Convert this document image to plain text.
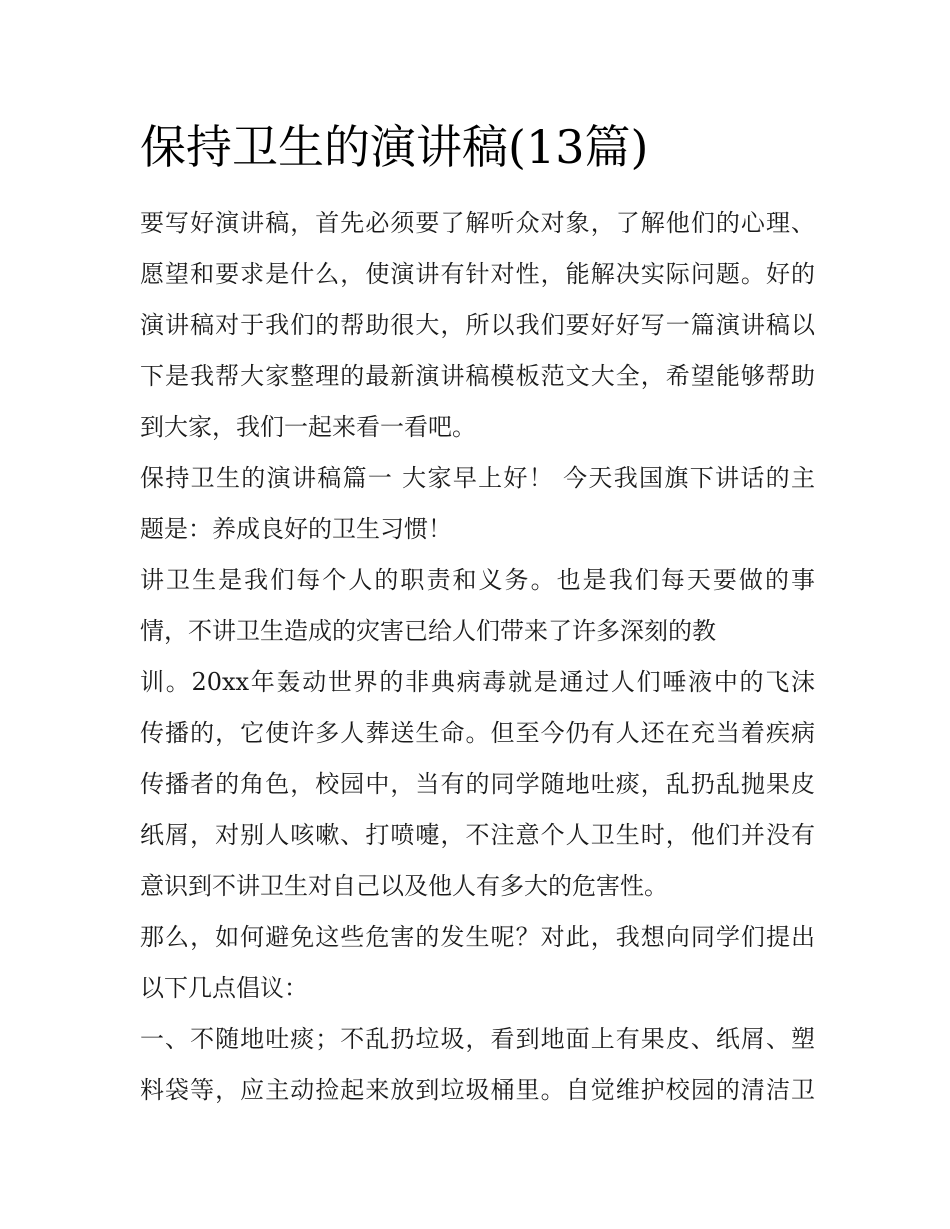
保持卫生的演讲稿(13篇)
要写好演讲稿，首先必须要了解听众对象，了解他们的心理、
愿望和要求是什么，使演讲有针对性，能解决实际问题。好的
演讲稿对于我们的帮助很大，所以我们要好好写一篇演讲稿以
下是我帮大家整理的最新演讲稿模板范文大全，希望能够帮助
到大家，我们一起来看一看吧。
保持卫生的演讲稿篇一 大家早上好！ 今天我国旗下讲话的主
题是：养成良好的卫生习惯！
讲卫生是我们每个人的职责和义务。也是我们每天要做的事
情，不讲卫生造成的灾害已给人们带来了许多深刻的教
训。20xx年轰动世界的非典病毒就是通过人们唾液中的飞沫
传播的，它使许多人葬送生命。但至今仍有人还在充当着疾病
传播者的角色，校园中，当有的同学随地吐痰，乱扔乱抛果皮
纸屑，对别人咳嗽、打喷嚏，不注意个人卫生时，他们并没有
意识到不讲卫生对自己以及他人有多大的危害性。
那么，如何避免这些危害的发生呢？对此，我想向同学们提出
以下几点倡议：
一、不随地吐痰；不乱扔垃圾，看到地面上有果皮、纸屑、塑
料袋等，应主动捡起来放到垃圾桶里。自觉维护校园的清洁卫
